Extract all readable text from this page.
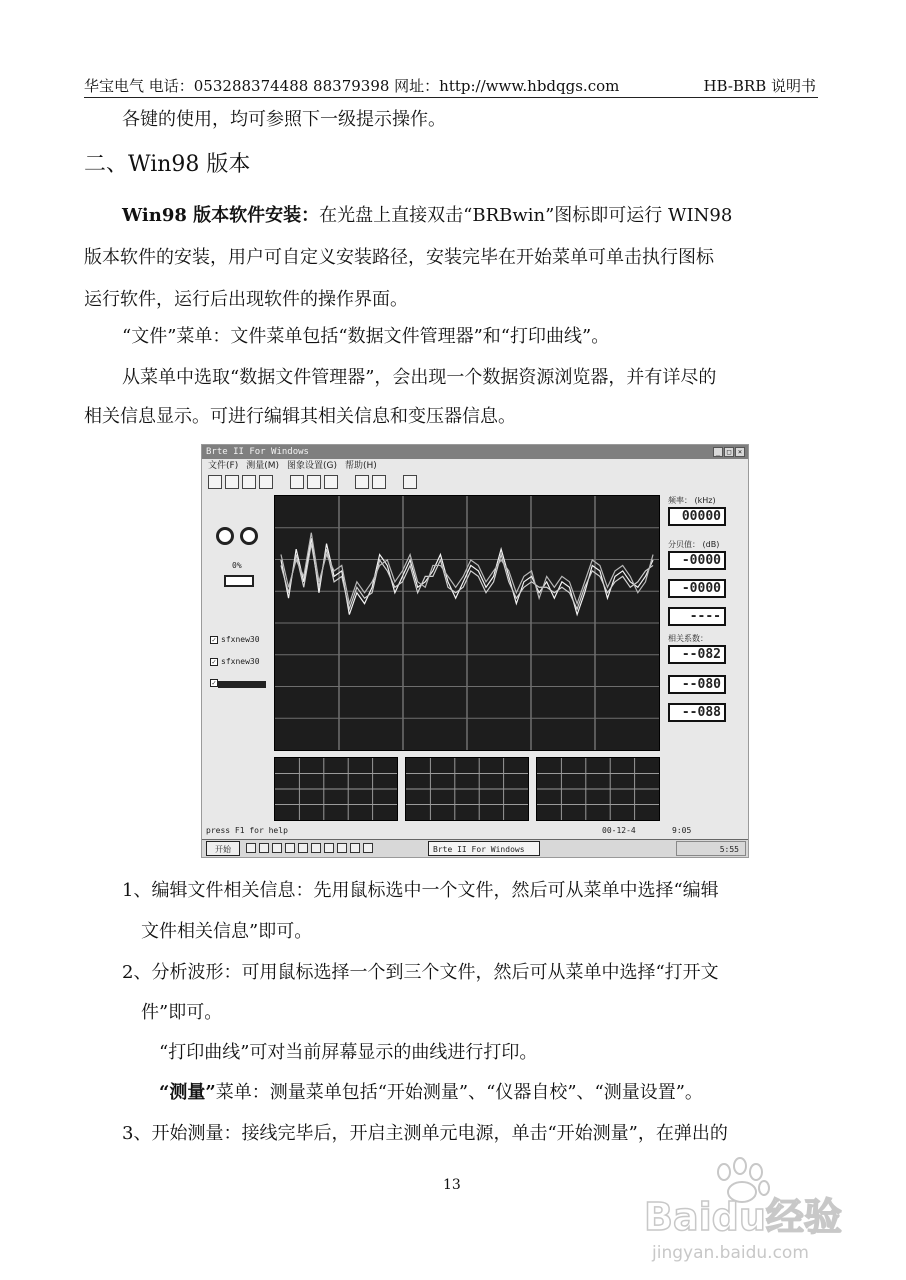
华宝电气 电话：053288374488 88379398 网址：http://www.hbdqgs.com	HB-BRB 说明书
各键的使用，均可参照下一级提示操作。
二、Win98 版本
Win98 版本软件安装：在光盘上直接双击“BRBwin”图标即可运行 WIN98
版本软件的安装，用户可自定义安装路径，安装完毕在开始菜单可单击执行图标
运行软件，运行后出现软件的操作界面。
“文件”菜单：文件菜单包括“数据文件管理器”和“打印曲线”。
从菜单中选取“数据文件管理器”，会出现一个数据资源浏览器，并有详尽的
相关信息显示。可进行编辑其相关信息和变压器信息。
Brte II For Windows	_ □ ×
文件(F) 测量(M) 图象设置(G) 帮助(H)
0%
✓ sfxnew30
✓ sfxnew30
✓
频率： (kHz)
00000
分贝值： (dB)
-0000
-0000
----
相关系数：
--082
--080
--088
press F1 for help	00-12-4	9:05
开始	Brte II For Windows	5:55
1、编辑文件相关信息：先用鼠标选中一个文件，然后可从菜单中选择“编辑
文件相关信息”即可。
2、分析波形：可用鼠标选择一个到三个文件，然后可从菜单中选择“打开文
件”即可。
“打印曲线”可对当前屏幕显示的曲线进行打印。
“测量”菜单：测量菜单包括“开始测量”、“仪器自校”、“测量设置”。
3、开始测量：接线完毕后，开启主测单元电源，单击“开始测量”，在弹出的
13
Baidu经验
jingyan.baidu.com
